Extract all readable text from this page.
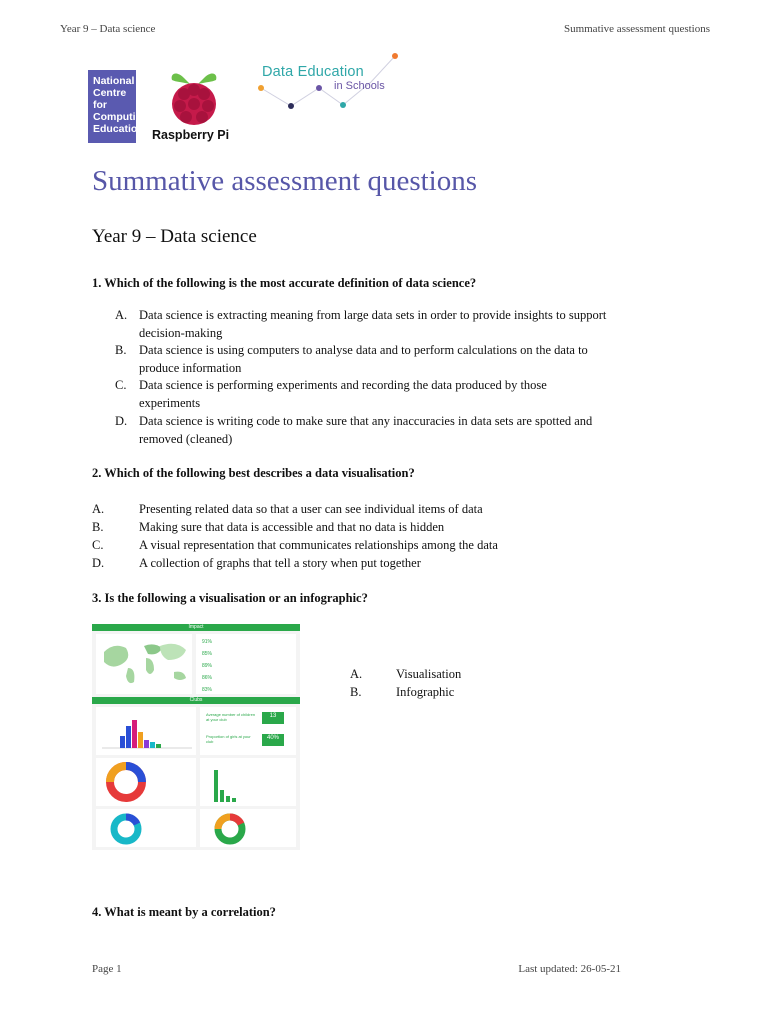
Year 9 – Data science	Summative assessment questions
National
Centre for
Computing
Education Raspberry Pi
Data Education
in Schools
Summative assessment questions
Year 9 – Data science
1. Which of the following is the most accurate definition of data science?
A. Data science is extracting meaning from large data sets in order to provide insights to support
decision-making
B. Data science is using computers to analyse data and to perform calculations on the data to
produce information
C. Data science is performing experiments and recording the data produced by those
experiments
D. Data science is writing code to make sure that any inaccuracies in data sets are spotted and
removed (cleaned)
2. Which of the following best describes a data visualisation?
A.	Presenting related data so that a user can see individual items of data
B.	Making sure that data is accessible and that no data is hidden
C.	A visual representation that communicates relationships among the data
D.	A collection of graphs that tell a story when put together
3. Is the following a visualisation or an infographic?
Impact
Clubs
91%
85%
89%
86%
83%
Average number of children at your club
13
Proportion of girls at your club
40%
A.	Visualisation
B.	Infographic
4. What is meant by a correlation?
Page 1	Last updated: 26-05-21
